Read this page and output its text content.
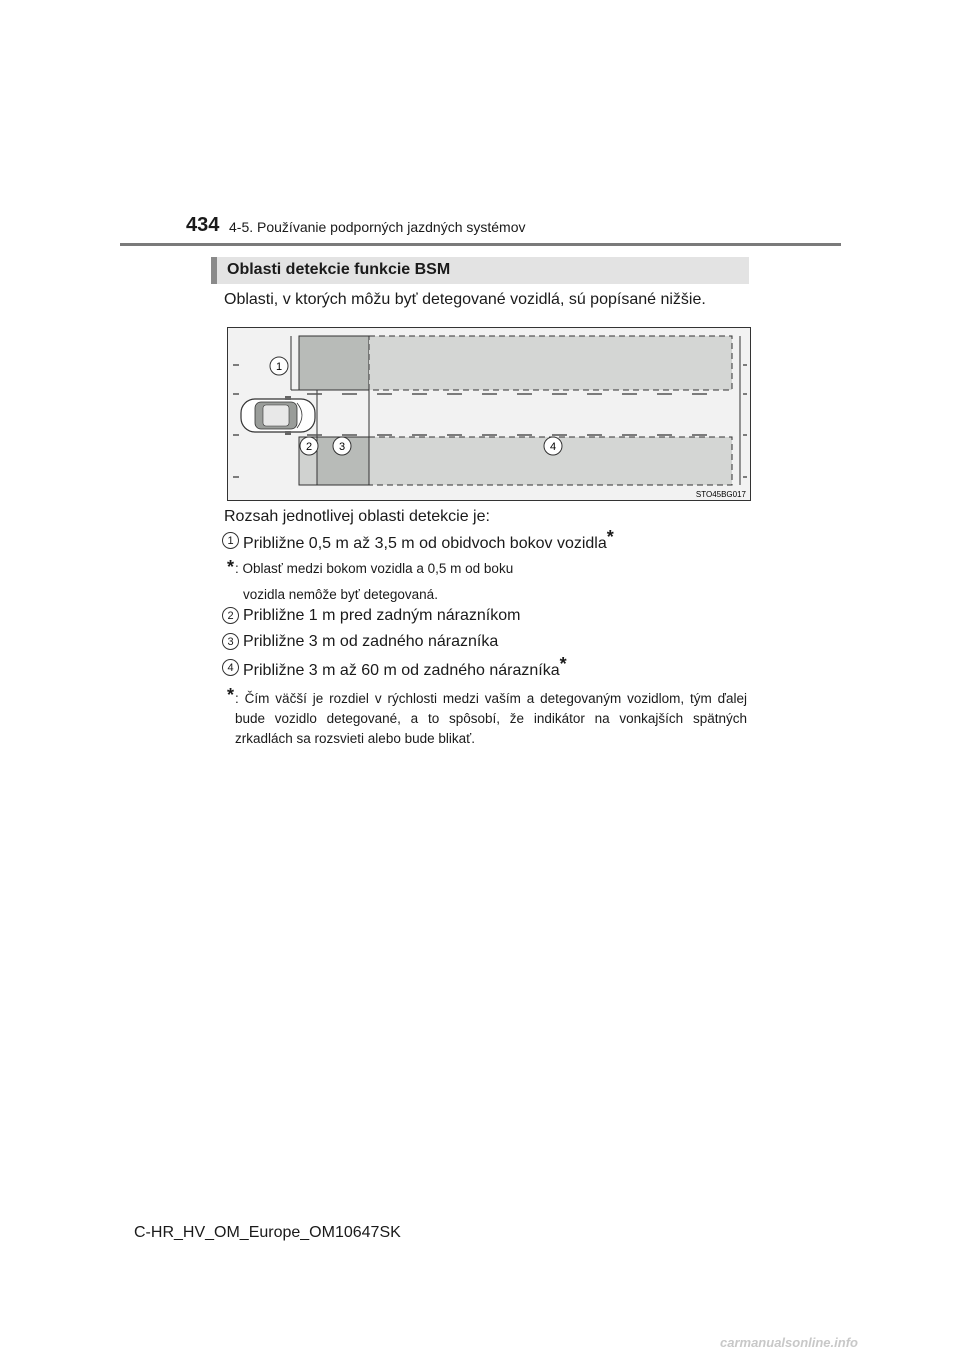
434 4-5. Používanie podporných jazdných systémov
Oblasti detekcie funkcie BSM
Oblasti, v ktorých môžu byť detegované vozidlá, sú popísané nižšie.
1
2 3	4
STO45BG017
Rozsah jednotlivej oblasti detekcie je:
1 Približne 0,5 m až 3,5 m od obidvoch bokov vozidla*
* : Oblasť medzi bokom vozidla a 0,5 m od boku
vozidla nemôže byť detegovaná.
2 Približne 1 m pred zadným nárazníkom
3 Približne 3 m od zadného nárazníka
4 Približne 3 m až 60 m od zadného nárazníka*
* : Čím väčší je rozdiel v rýchlosti medzi vaším a detegovaným vozidlom, tým ďalej bude vozidlo detegované, a to spôsobí, že indikátor na vonkajších spätných zrkadlách sa rozsvieti alebo bude blikať.
C-HR_HV_OM_Europe_OM10647SK
carmanualsonline.info
